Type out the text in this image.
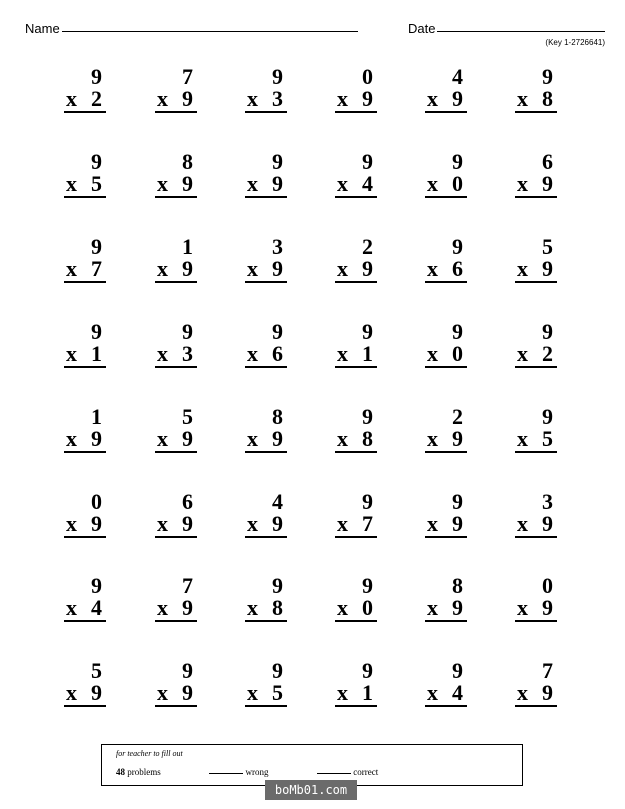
Name	Date
(Key 1-2726641)
9
x 2
7
x 9
9
x 3
0
x 9
4
x 9
9
x 8
9
x 5
8
x 9
9
x 9
9
x 4
9
x 0
6
x 9
9
x 7
1
x 9
3
x 9
2
x 9
9
x 6
5
x 9
9
x 1
9
x 3
9
x 6
9
x 1
9
x 0
9
x 2
1
x 9
5
x 9
8
x 9
9
x 8
2
x 9
9
x 5
0
x 9
6
x 9
4
x 9
9
x 7
9
x 9
3
x 9
9
x 4
7
x 9
9
x 8
9
x 0
8
x 9
0
x 9
5
x 9
9
x 9
9
x 5
9
x 1
9
x 4
7
x 9
for teacher to fill out
48 problems	wrong	correct
boMb01.com
